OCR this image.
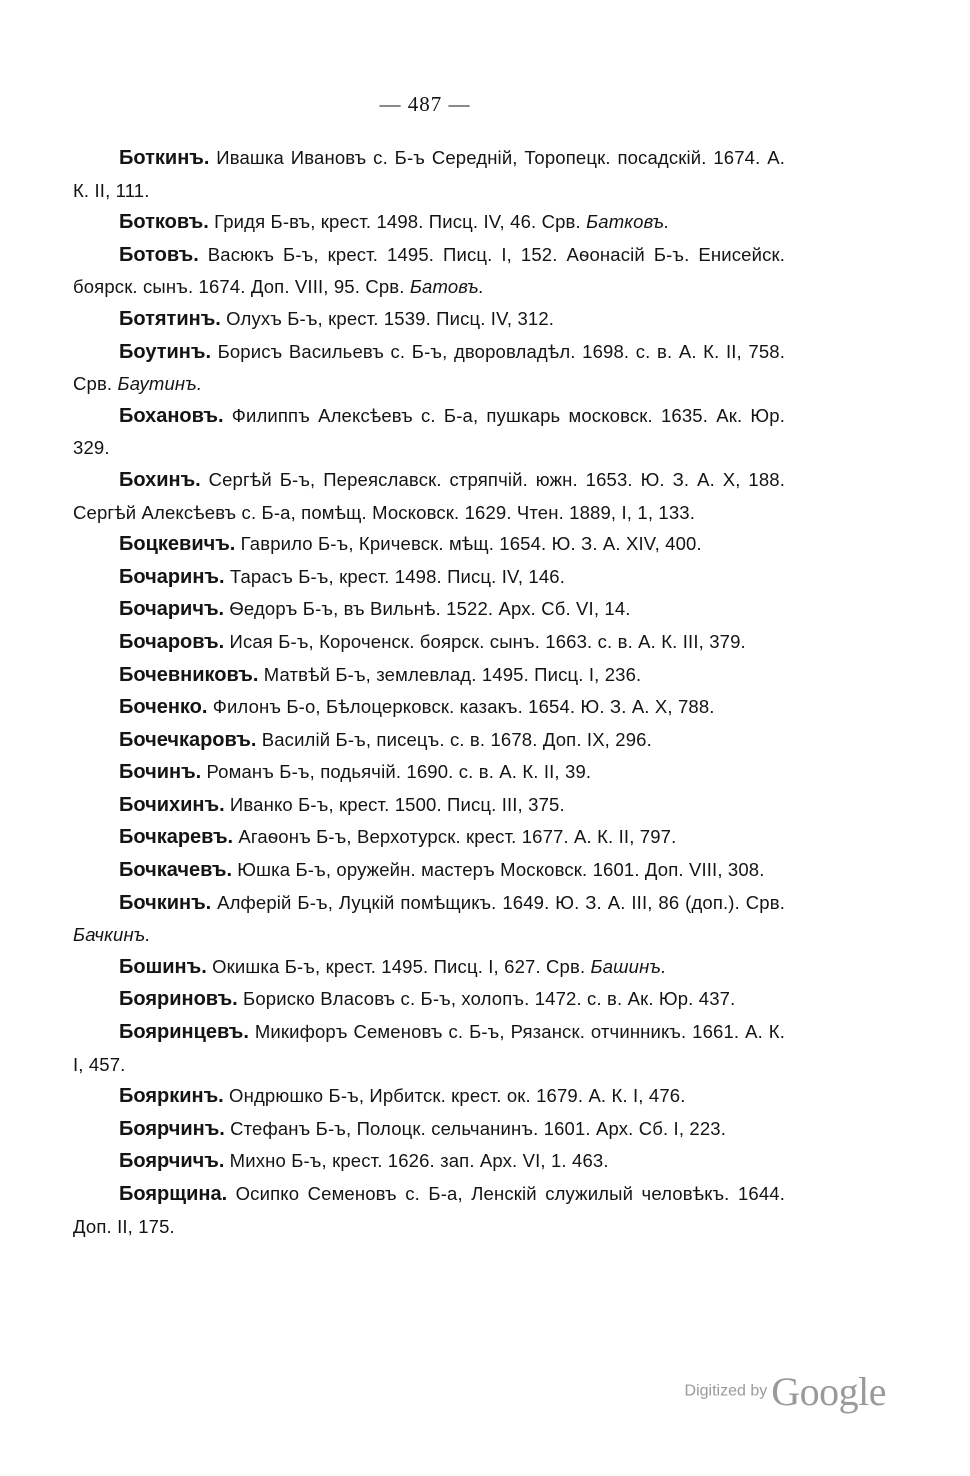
— 487 —

Боткинъ. Ивашка Ивановъ с. Б-ъ Середній, Торопецк. посадскій. 1674. А. К. II, 111.

Ботковъ. Гридя Б-въ, крест. 1498. Писц. IV, 46. Срв. Батковъ.

Ботовъ. Васюкъ Б-ъ, крест. 1495. Писц. I, 152. Аѳонасій Б-ъ. Енисейск. боярск. сынъ. 1674. Доп. VIII, 95. Срв. Батовъ.

Ботятинъ. Олухъ Б-ъ, крест. 1539. Писц. IV, 312.

Боутинъ. Борисъ Васильевъ с. Б-ъ, дворовладѣл. 1698. с. в. А. К. II, 758. Срв. Баутинъ.

Бохановъ. Филиппъ Алексѣевъ с. Б-а, пушкарь московск. 1635. Ак. Юр. 329.

Бохинъ. Сергѣй Б-ъ, Переяславск. стряпчій. южн. 1653. Ю. З. А. X, 188. Сергѣй Алексѣевъ с. Б-а, помѣщ. Московск. 1629. Чтен. 1889, I, 1, 133.

Боцкевичъ. Гаврило Б-ъ, Кричевск. мѣщ. 1654. Ю. З. А. XIV, 400.

Бочаринъ. Тарасъ Б-ъ, крест. 1498. Писц. IV, 146.

Бочаричъ. Ѳедоръ Б-ъ, въ Вильнѣ. 1522. Арх. Сб. VI, 14.

Бочаровъ. Исая Б-ъ, Короченск. боярск. сынъ. 1663. с. в. А. К. III, 379.

Бочевниковъ. Матвѣй Б-ъ, землевлад. 1495. Писц. I, 236.

Боченко. Филонъ Б-о, Бѣлоцерковск. казакъ. 1654. Ю. З. А. X, 788.

Бочечкаровъ. Василій Б-ъ, писецъ. с. в. 1678. Доп. IX, 296.

Бочинъ. Романъ Б-ъ, подьячій. 1690. с. в. А. К. II, 39.

Бочихинъ. Иванко Б-ъ, крест. 1500. Писц. III, 375.

Бочкаревъ. Агаѳонъ Б-ъ, Верхотурск. крест. 1677. А. К. II, 797.

Бочкачевъ. Юшка Б-ъ, оружейн. мастеръ Московск. 1601. Доп. VIII, 308.

Бочкинъ. Алферій Б-ъ, Луцкій помѣщикъ. 1649. Ю. З. А. III, 86 (доп.). Срв. Бачкинъ.

Бошинъ. Окишка Б-ъ, крест. 1495. Писц. I, 627. Срв. Башинъ.

Бояриновъ. Бориско Власовъ с. Б-ъ, холопъ. 1472. с. в. Ак. Юр. 437.

Бояринцевъ. Микифоръ Семеновъ с. Б-ъ, Рязанск. отчинникъ. 1661. А. К. I, 457.

Бояркинъ. Ондрюшко Б-ъ, Ирбитск. крест. ок. 1679. А. К. I, 476.

Боярчинъ. Стефанъ Б-ъ, Полоцк. сельчанинъ. 1601. Арх. Сб. I, 223.

Боярчичъ. Михно Б-ъ, крест. 1626. зап. Арх. VI, 1. 463.

Боярщина. Осипко Семеновъ с. Б-а, Ленскій служилый человѣкъ. 1644. Доп. II, 175.

Digitized by Google
